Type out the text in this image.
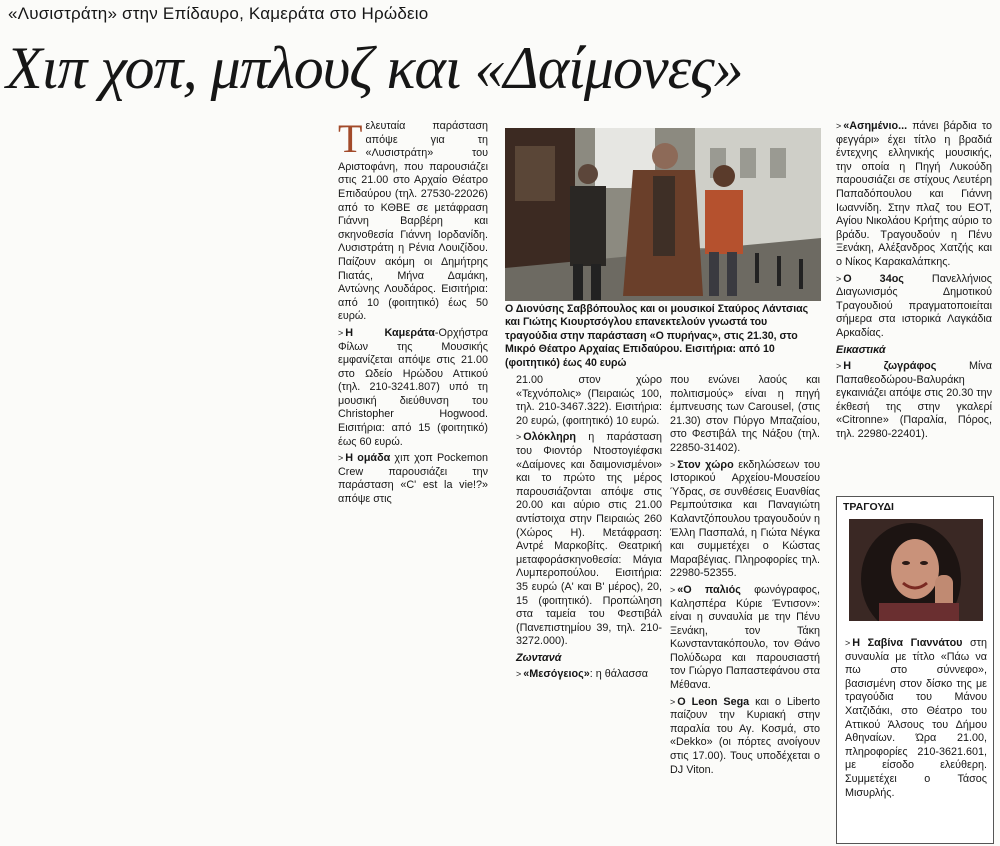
«Λυσιστράτη» στην Επίδαυρο, Καμεράτα στο Ηρώδειο
Χιπ χοπ, μπλουζ και «Δαίμονες»

Τελευταία παράσταση απόψε για τη «Λυσιστράτη» του Αριστοφάνη, που παρουσιάζει στις 21.00 στο Αρχαίο Θέατρο Επιδαύρου (τηλ. 27530-22026) από το ΚΘΒΕ σε μετάφραση Γιάννη Βαρβέρη και σκηνοθεσία Γιάννη Ιορδανίδη. Λυσιστράτη η Ρένια Λουιζίδου. Παίζουν ακόμη οι Δημήτρης Πιατάς, Μήνα Δαμάκη, Αντώνης Λουδάρος. Εισιτήρια: από 10 (φοιτητικό) έως 50 ευρώ.

> Η Καμεράτα-Ορχήστρα Φίλων της Μουσικής εμφανίζεται απόψε στις 21.00 στο Ωδείο Ηρώδου Αττικού (τηλ. 210-3241.807) υπό τη μουσική διεύθυνση του Christopher Hogwood. Εισιτήρια: από 15 (φοιτητικό) έως 60 ευρώ.

> Η ομάδα χιπ χοπ Pockemon Crew παρουσιάζει την παράσταση «C' est la vie!?» απόψε στις

Ο Διονύσης Σαββόπουλος και οι μουσικοί Σταύρος Λάντσιας και Γιώτης Κιουρτσόγλου επανεκτελούν γνωστά του τραγούδια στην παράσταση «Ο πυρήνας», στις 21.30, στο Μικρό Θέατρο Αρχαίας Επιδαύρου. Εισιτήρια: από 10 (φοιτητικό) έως 40 ευρώ

21.00 στον χώρο «Τεχνόπολις» (Πειραιώς 100, τηλ. 210-3467.322). Εισιτήρια: 20 ευρώ, (φοιτητικό) 10 ευρώ.

> Ολόκληρη η παράσταση του Φιοντόρ Ντοστογιέφσκι «Δαίμονες και δαιμονισμένοι» και το πρώτο της μέρος παρουσιάζονται απόψε στις 20.00 και αύριο στις 21.00 αντίστοιχα στην Πειραιώς 260 (Χώρος Η). Μετάφραση: Αντρέ Μαρκοβίτς. Θεατρική μεταφοράσκηνοθεσία: Μάγια Λυμπεροπούλου. Εισιτήρια: 35 ευρώ (Α' και Β' μέρος), 20, 15 (φοιτητικό). Προπώληση στα ταμεία του Φεστιβάλ (Πανεπιστημίου 39, τηλ. 210-3272.000).

Ζωντανά

> «Μεσόγειος»: η θάλασσα

που ενώνει λαούς και πολιτισμούς» είναι η πηγή έμπνευσης των Carousel, (στις 21.30) στον Πύργο Μπαζαίου, στο Φεστιβάλ της Νάξου (τηλ. 22850-31402).

> Στον χώρο εκδηλώσεων του Ιστορικού Αρχείου-Μουσείου Ύδρας, σε συνθέσεις Ευανθίας Ρεμπούτσικα και Παναγιώτη Καλαντζόπουλου τραγουδούν η Έλλη Πασπαλά, η Γιώτα Νέγκα και συμμετέχει ο Κώστας Μαραβέγιας. Πληροφορίες τηλ. 22980-52355.

> «Ο παλιός φωνόγραφος, Καλησπέρα Κύριε Έντισον»: είναι η συναυλία με την Πένυ Ξενάκη, τον Τάκη Κωνσταντακόπουλο, τον Θάνο Πολύδωρα και παρουσιαστή τον Γιώργο Παπαστεφάνου στα Μέθανα.

> Ο Leon Sega και ο Liberto παίζουν την Κυριακή στην παραλία του Αγ. Κοσμά, στο «Dekko» (οι πόρτες ανοίγουν στις 17.00). Τους υποδέχεται ο DJ Viton.

> «Ασημένιο... πάνει βάρδια το φεγγάρι» έχει τίτλο η βραδιά έντεχνης ελληνικής μουσικής, την οποία η Πηγή Λυκούδη παρουσιάζει σε στίχους Λευτέρη Παπαδόπουλου και Γιάννη Ιωαννίδη. Στην πλαζ του ΕΟΤ, Αγίου Νικολάου Κρήτης αύριο το βράδυ. Τραγουδούν η Πένυ Ξενάκη, Αλέξανδρος Χατζής και ο Νίκος Καρακαλάπκης.

> Ο 34ος Πανελλήνιος Διαγωνισμός Δημοτικού Τραγουδιού πραγματοποιείται σήμερα στα ιστορικά Λαγκάδια Αρκαδίας.

Εικαστικά

> Η ζωγράφος Μίνα Παπαθεοδώρου-Βαλυράκη εγκαινιάζει απόψε στις 20.30 την έκθεσή της στην γκαλερί «Citronne» (Παραλία, Πόρος, τηλ. 22980-22401).

ΤΡΑΓΟΥΔΙ
> Η Σαβίνα Γιαννάτου στη συναυλία με τίτλο «Πάω να πω στο σύννεφο», βασισμένη στον δίσκο της με τραγούδια του Μάνου Χατζιδάκι, στο Θέατρο του Αττικού Άλσους του Δήμου Αθηναίων. Ώρα 21.00, πληροφορίες 210-3621.601, με είσοδο ελεύθερη. Συμμετέχει ο Τάσος Μισυρλής.
